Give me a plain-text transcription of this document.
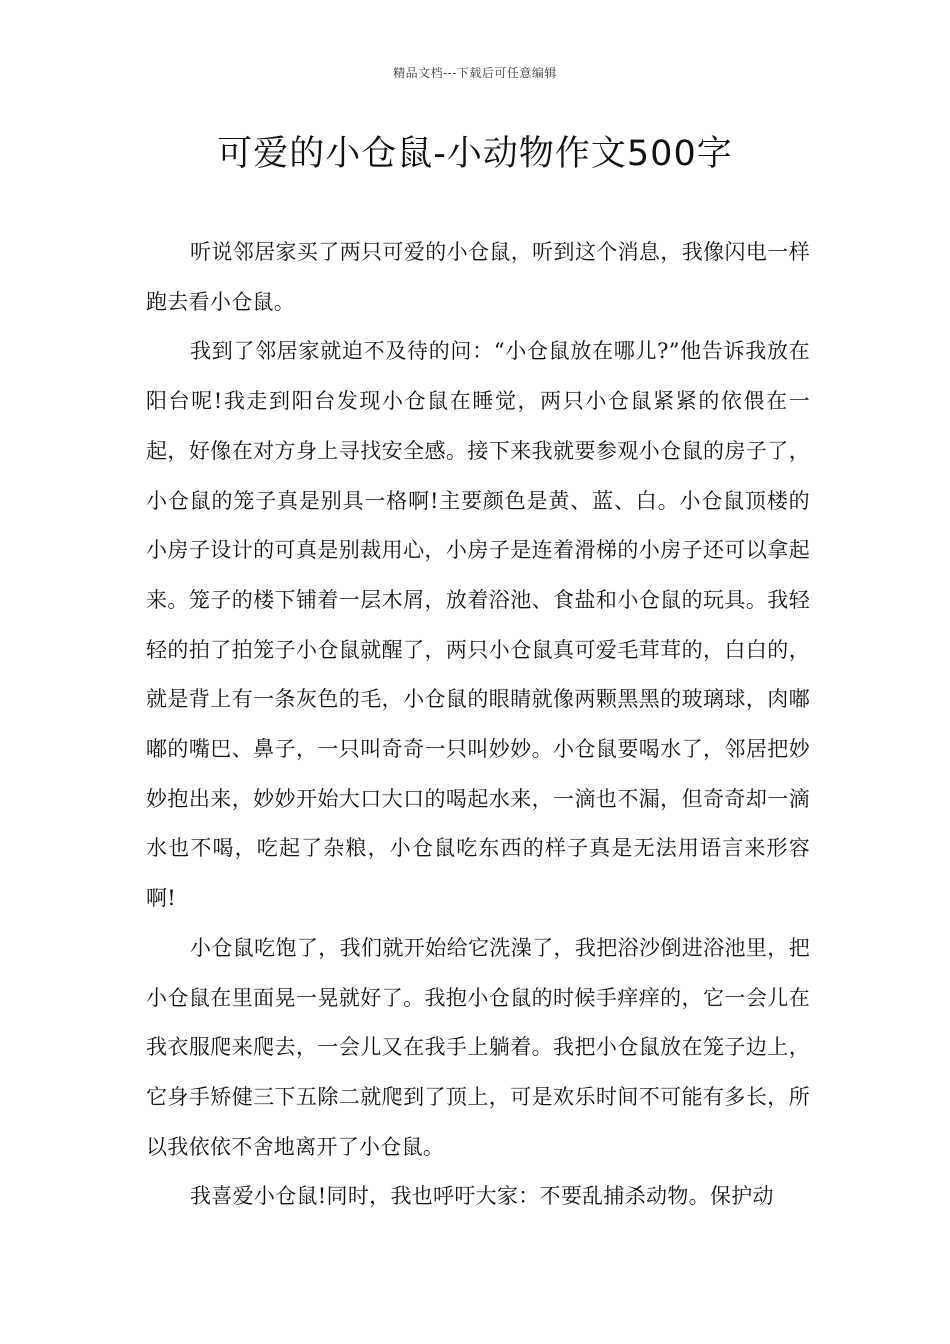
精品文档---下载后可任意编辑
可爱的小仓鼠-小动物作文500字

听说邻居家买了两只可爱的小仓鼠，听到这个消息，我像闪电一样跑去看小仓鼠。

我到了邻居家就迫不及待的问：“小仓鼠放在哪儿?”他告诉我放在阳台呢!我走到阳台发现小仓鼠在睡觉，两只小仓鼠紧紧的依偎在一起，好像在对方身上寻找安全感。接下来我就要参观小仓鼠的房子了，小仓鼠的笼子真是别具一格啊!主要颜色是黄、蓝、白。小仓鼠顶楼的小房子设计的可真是别裁用心，小房子是连着滑梯的小房子还可以拿起来。笼子的楼下铺着一层木屑，放着浴池、食盐和小仓鼠的玩具。我轻轻的拍了拍笼子小仓鼠就醒了，两只小仓鼠真可爱毛茸茸的，白白的，就是背上有一条灰色的毛，小仓鼠的眼睛就像两颗黑黑的玻璃球，肉嘟嘟的嘴巴、鼻子，一只叫奇奇一只叫妙妙。小仓鼠要喝水了，邻居把妙妙抱出来，妙妙开始大口大口的喝起水来，一滴也不漏，但奇奇却一滴水也不喝，吃起了杂粮，小仓鼠吃东西的样子真是无法用语言来形容啊!

小仓鼠吃饱了，我们就开始给它洗澡了，我把浴沙倒进浴池里，把小仓鼠在里面晃一晃就好了。我抱小仓鼠的时候手痒痒的，它一会儿在我衣服爬来爬去，一会儿又在我手上躺着。我把小仓鼠放在笼子边上，它身手矫健三下五除二就爬到了顶上，可是欢乐时间不可能有多长，所以我依依不舍地离开了小仓鼠。

我喜爱小仓鼠!同时，我也呼吁大家：不要乱捕杀动物。保护动
